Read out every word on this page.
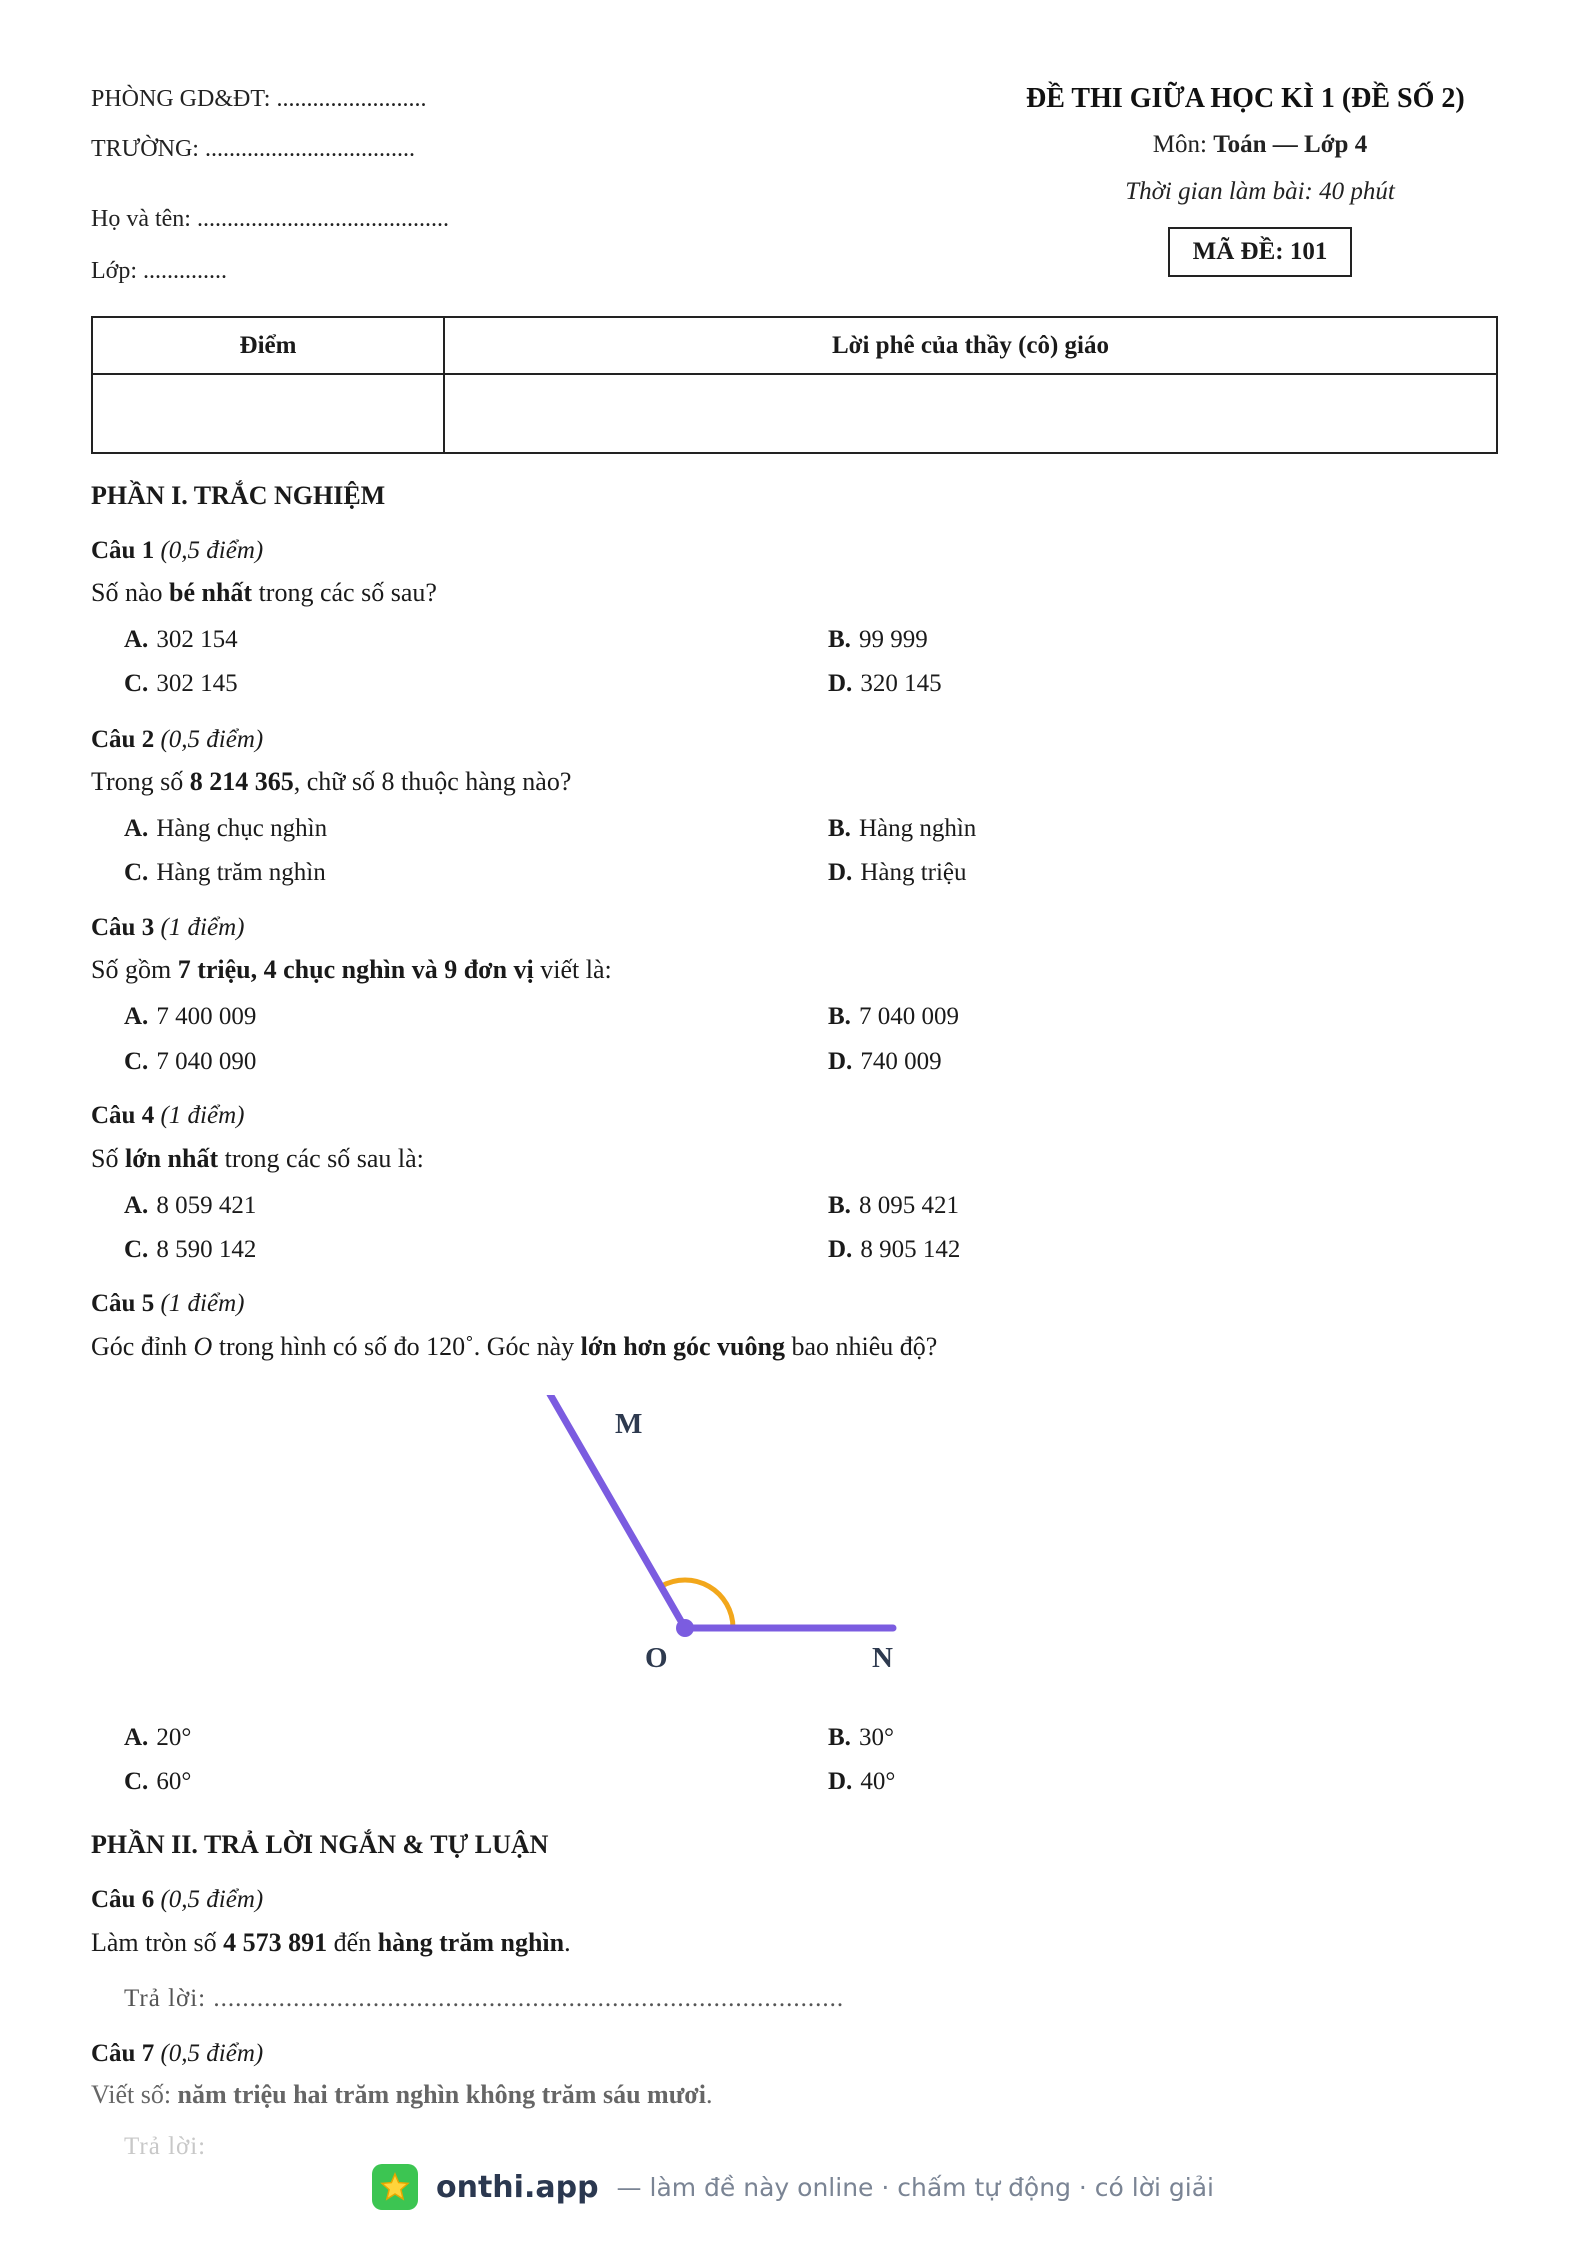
PHÒNG GD&ĐT: .........................
TRƯỜNG: ...................................
Họ và tên: ..........................................
Lớp: ..............
ĐỀ THI GIỮA HỌC KÌ 1 (ĐỀ SỐ 2)
Môn: Toán — Lớp 4
Thời gian làm bài: 40 phút
MÃ ĐỀ: 101
Điểm	Lời phê của thầy (cô) giáo
PHẦN I. TRẮC NGHIỆM
Câu 1 (0,5 điểm)
Số nào bé nhất trong các số sau?
A. 302 154	B. 99 999
C. 302 145	D. 320 145
Câu 2 (0,5 điểm)
Trong số 8 214 365, chữ số 8 thuộc hàng nào?
A. Hàng chục nghìn	B. Hàng nghìn
C. Hàng trăm nghìn	D. Hàng triệu
Câu 3 (1 điểm)
Số gồm 7 triệu, 4 chục nghìn và 9 đơn vị viết là:
A. 7 400 009	B. 7 040 009
C. 7 040 090	D. 740 009
Câu 4 (1 điểm)
Số lớn nhất trong các số sau là:
A. 8 059 421	B. 8 095 421
C. 8 590 142	D. 8 905 142
Câu 5 (1 điểm)
Góc đỉnh O trong hình có số đo 120˚. Góc này lớn hơn góc vuông bao nhiêu độ?
M
O	N
A. 20°	B. 30°
C. 60°	D. 40°
PHẦN II. TRẢ LỜI NGẮN & TỰ LUẬN
Câu 6 (0,5 điểm)
Làm tròn số 4 573 891 đến hàng trăm nghìn.
Trả lời: .......................................................................................
Câu 7 (0,5 điểm)
Viết số: năm triệu hai trăm nghìn không trăm sáu mươi.
Trả lời:
onthi.app — làm đề này online · chấm tự động · có lời giải
